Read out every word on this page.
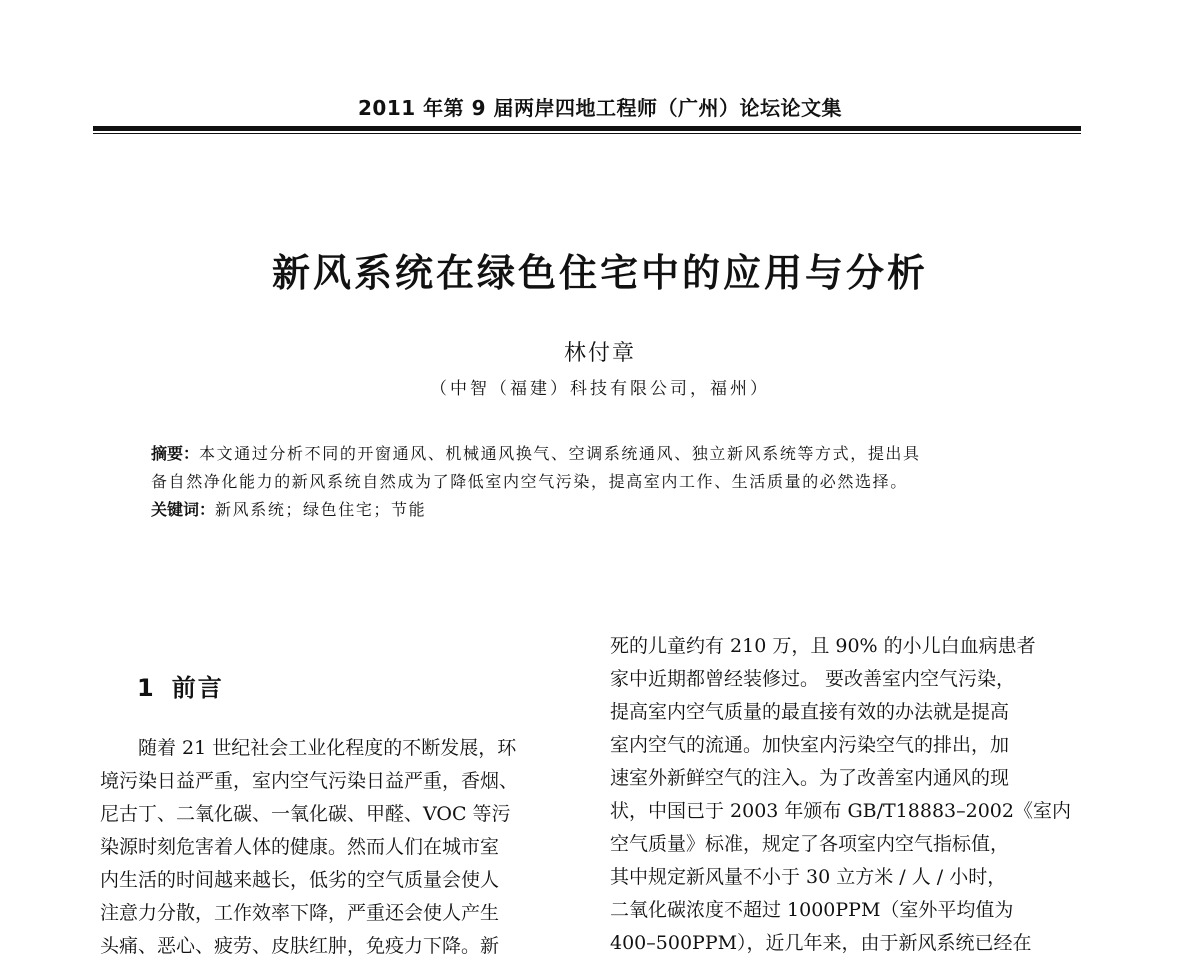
2011 年第 9 届两岸四地工程师（广州）论坛论文集
新风系统在绿色住宅中的应用与分析
林付章
（中智（福建）科技有限公司，福州）

摘要：本文通过分析不同的开窗通风、机械通风换气、空调系统通风、独立新风系统等方式，提出具

备自然净化能力的新风系统自然成为了降低室内空气污染，提高室内工作、生活质量的必然选择。

关键词：新风系统；绿色住宅；节能

1 前言
随着 21 世纪社会工业化程度的不断发展，环
境污染日益严重，室内空气污染日益严重，香烟、
尼古丁、二氧化碳、一氧化碳、甲醛、VOC 等污
染源时刻危害着人体的健康。然而人们在城市室
内生活的时间越来越长，低劣的空气质量会使人
注意力分散，工作效率下降，严重还会使人产生
头痛、恶心、疲劳、皮肤红肿，免疫力下降。新
死的儿童约有 210 万，且 90% 的小儿白血病患者
家中近期都曾经装修过。 要改善室内空气污染，
提高室内空气质量的最直接有效的办法就是提高
室内空气的流通。加快室内污染空气的排出，加
速室外新鲜空气的注入。为了改善室内通风的现
状，中国已于 2003 年颁布 GB/T18883–2002《室内
空气质量》标准，规定了各项室内空气指标值，
其中规定新风量不小于 30 立方米 / 人 / 小时，
二氧化碳浓度不超过 1000PPM（室外平均值为
400–500PPM），近几年来，由于新风系统已经在
